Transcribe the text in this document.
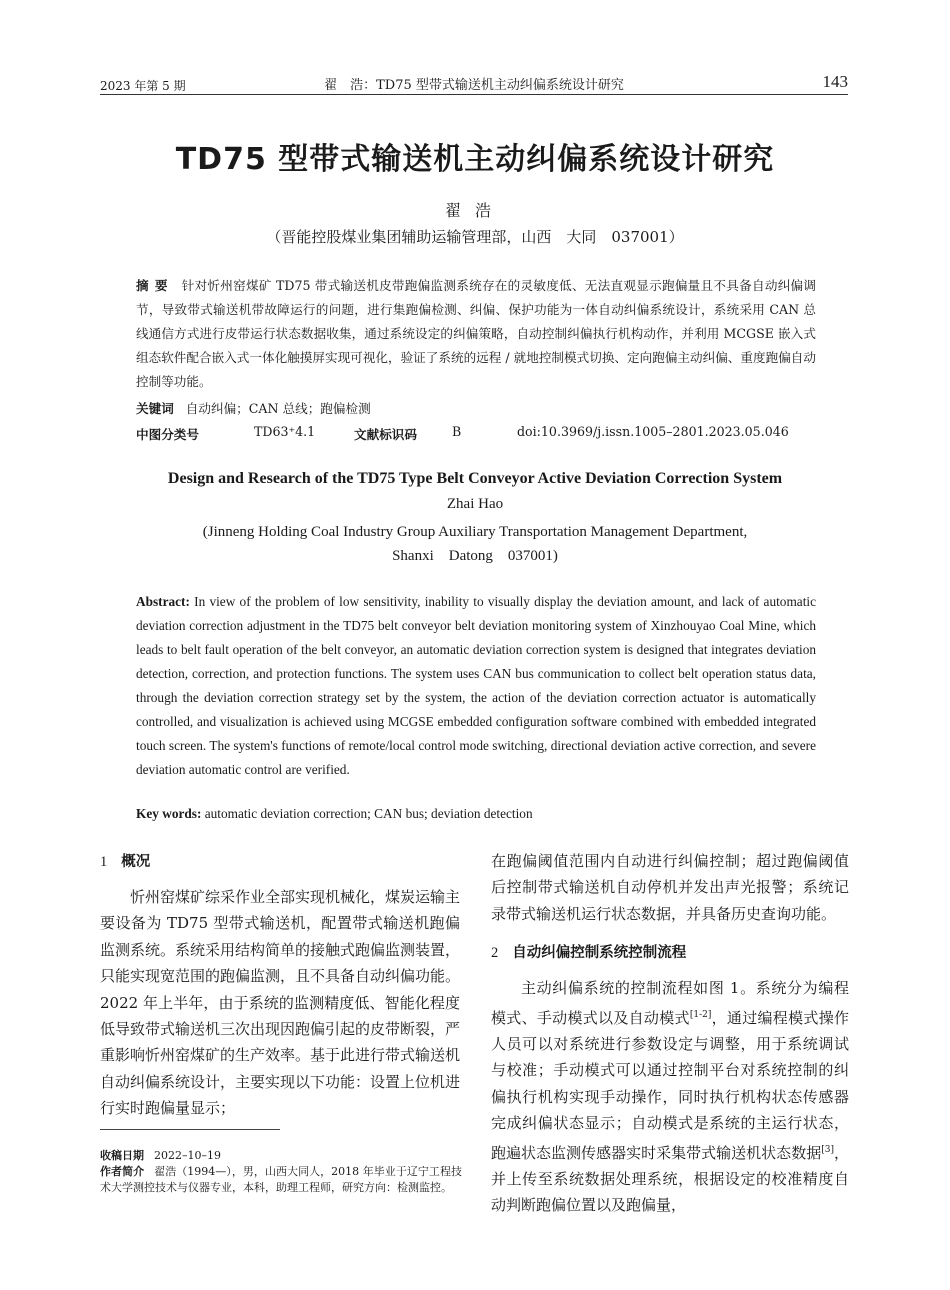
2023 年第 5 期	翟　浩：TD75 型带式输送机主动纠偏系统设计研究	143
TD75 型带式输送机主动纠偏系统设计研究
翟浩
（晋能控股煤业集团辅助运输管理部，山西　大同　037001）
摘要 针对忻州窑煤矿 TD75 带式输送机皮带跑偏监测系统存在的灵敏度低、无法直观显示跑偏量且不具备自动纠偏调节，导致带式输送机带故障运行的问题，进行集跑偏检测、纠偏、保护功能为一体自动纠偏系统设计，系统采用 CAN 总线通信方式进行皮带运行状态数据收集，通过系统设定的纠偏策略，自动控制纠偏执行机构动作，并利用 MCGSE 嵌入式组态软件配合嵌入式一体化触摸屏实现可视化，验证了系统的远程 / 就地控制模式切换、定向跑偏主动纠偏、重度跑偏自动控制等功能。
关键词 自动纠偏；CAN 总线；跑偏检测
中图分类号	TD63⁺4.1	文献标识码	B	doi:10.3969/j.issn.1005–2801.2023.05.046
Design and Research of the TD75 Type Belt Conveyor Active Deviation Correction System
Zhai Hao
(Jinneng Holding Coal Industry Group Auxiliary Transportation Management Department,
Shanxi　Datong　037001)
Abstract: In view of the problem of low sensitivity, inability to visually display the deviation amount, and lack of automatic deviation correction adjustment in the TD75 belt conveyor belt deviation monitoring system of Xinzhouyao Coal Mine, which leads to belt fault operation of the belt conveyor, an automatic deviation correction system is designed that integrates deviation detection, correction, and protection functions. The system uses CAN bus communication to collect belt operation status data, through the deviation correction strategy set by the system, the action of the deviation correction actuator is automatically controlled, and visualization is achieved using MCGSE embedded configuration software combined with embedded integrated touch screen. The system's functions of remote/local control mode switching, directional deviation active correction, and severe deviation automatic control are verified.
Key words: automatic deviation correction; CAN bus; deviation detection

1 概况

忻州窑煤矿综采作业全部实现机械化，煤炭运输主要设备为 TD75 型带式输送机，配置带式输送机跑偏监测系统。系统采用结构简单的接触式跑偏监测装置，只能实现宽范围的跑偏监测，且不具备自动纠偏功能。2022 年上半年，由于系统的监测精度低、智能化程度低导致带式输送机三次出现因跑偏引起的皮带断裂，严重影响忻州窑煤矿的生产效率。基于此进行带式输送机自动纠偏系统设计，主要实现以下功能：设置上位机进行实时跑偏量显示；

在跑偏阈值范围内自动进行纠偏控制；超过跑偏阈值后控制带式输送机自动停机并发出声光报警；系统记录带式输送机运行状态数据，并具备历史查询功能。

2 自动纠偏控制系统控制流程

主动纠偏系统的控制流程如图 1。系统分为编程模式、手动模式以及自动模式[1-2]，通过编程模式操作人员可以对系统进行参数设定与调整，用于系统调试与校准；手动模式可以通过控制平台对系统控制的纠偏执行机构实现手动操作，同时执行机构状态传感器完成纠偏状态显示；自动模式是系统的主运行状态，跑遍状态监测传感器实时采集带式输送机状态数据[3]，并上传至系统数据处理系统，根据设定的校准精度自动判断跑偏位置以及跑偏量，

收稿日期 2022–10–19
作者简介 翟浩（1994—），男，山西大同人，2018 年毕业于辽宁工程技术大学测控技术与仪器专业，本科，助理工程师，研究方向：检测监控。
